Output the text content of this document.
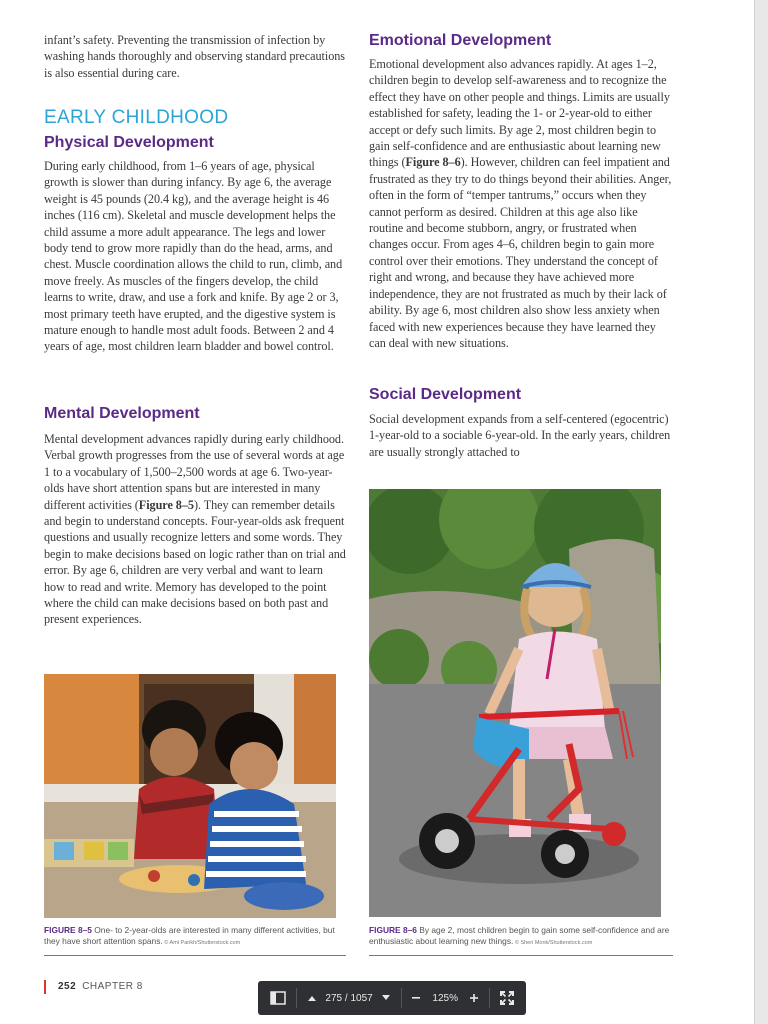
infant’s safety. Preventing the transmission of infection by washing hands thoroughly and observing standard precautions is also essential during care.

EARLY CHILDHOOD
Physical Development

During early childhood, from 1–6 years of age, physical growth is slower than during infancy. By age 6, the average weight is 45 pounds (20.4 kg), and the average height is 46 inches (116 cm). Skeletal and muscle development helps the child assume a more adult appearance. The legs and lower body tend to grow more rapidly than do the head, arms, and chest. Muscle coordination allows the child to run, climb, and move freely. As muscles of the fingers develop, the child learns to write, draw, and use a fork and knife. By age 2 or 3, most primary teeth have erupted, and the digestive system is mature enough to handle most adult foods. Between 2 and 4 years of age, most children learn bladder and bowel control.

Mental Development

Mental development advances rapidly during early childhood. Verbal growth progresses from the use of several words at age 1 to a vocabulary of 1,500–2,500 words at age 6. Two-year-olds have short attention spans but are interested in many different activities (Figure 8–5). They can remember details and begin to understand concepts. Four-year-olds ask frequent questions and usually recognize letters and some words. They begin to make decisions based on logic rather than on trial and error. By age 6, children are very verbal and want to learn how to read and write. Memory has developed to the point where the child can make decisions based on both past and present experiences.

FIGURE 8–5 One- to 2-year-olds are interested in many different activities, but they have short attention spans. © Ami Parikh/Shutterstock.com
Emotional Development

Emotional development also advances rapidly. At ages 1–2, children begin to develop self-awareness and to recognize the effect they have on other people and things. Limits are usually established for safety, leading the 1- or 2-year-old to either accept or defy such limits. By age 2, most children begin to gain self-confidence and are enthusiastic about learning new things (Figure 8–6). However, children can feel impatient and frustrated as they try to do things beyond their abilities. Anger, often in the form of “temper tantrums,” occurs when they cannot perform as desired. Children at this age also like routine and become stubborn, angry, or frustrated when changes occur. From ages 4–6, children begin to gain more control over their emotions. They understand the concept of right and wrong, and because they have achieved more independence, they are not frustrated as much by their lack of ability. By age 6, most children also show less anxiety when faced with new experiences because they have learned they can deal with new situations.

Social Development

Social development expands from a self-centered (egocentric) 1-year-old to a sociable 6-year-old. In the early years, children are usually strongly attached to

FIGURE 8–6 By age 2, most children begin to gain some self-confidence and are enthusiastic about learning new things. © Sheri Monk/Shutterstock.com
252 CHAPTER 8
275 / 1057	125%
